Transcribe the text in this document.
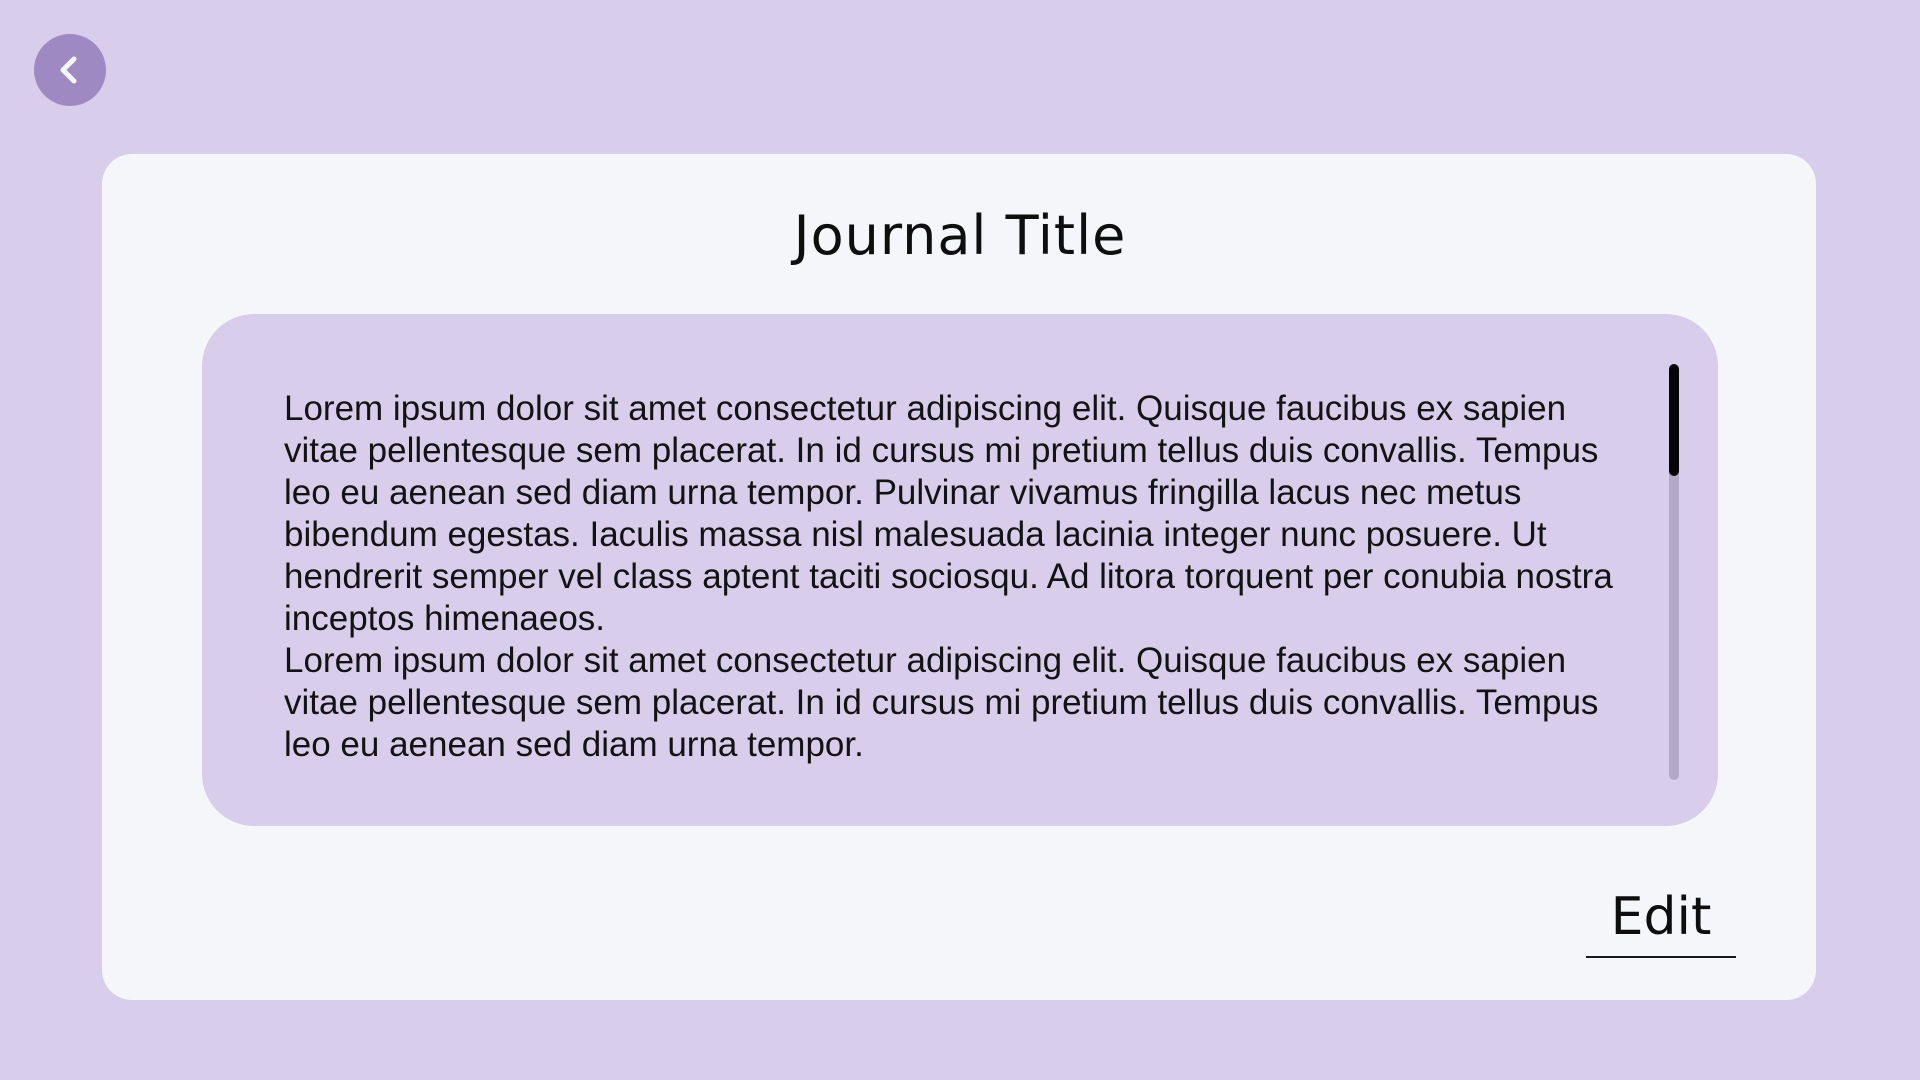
Journal Title

Lorem ipsum dolor sit amet consectetur adipiscing elit. Quisque faucibus ex sapien vitae pellentesque sem placerat. In id cursus mi pretium tellus duis convallis. Tempus leo eu aenean sed diam urna tempor. Pulvinar vivamus fringilla lacus nec metus bibendum egestas. Iaculis massa nisl malesuada lacinia integer nunc posuere. Ut hendrerit semper vel class aptent taciti sociosqu. Ad litora torquent per conubia nostra inceptos himenaeos.

Lorem ipsum dolor sit amet consectetur adipiscing elit. Quisque faucibus ex sapien vitae pellentesque sem placerat. In id cursus mi pretium tellus duis convallis. Tempus leo eu aenean sed diam urna tempor.

Edit
